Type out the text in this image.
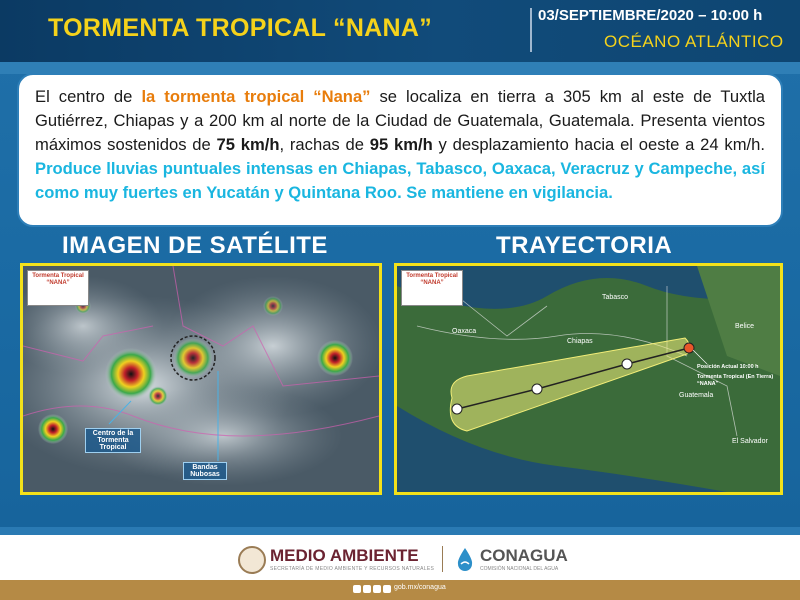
TORMENTA TROPICAL “NANA”	03/SEPTIEMBRE/2020 – 10:00 h
OCÉANO ATLÁNTICO
El centro de la tormenta tropical “Nana” se localiza en tierra a 305 km al este de Tuxtla Gutiérrez, Chiapas y a 200 km al norte de la Ciudad de Guatemala, Guatemala. Presenta vientos máximos sostenidos de 75 km/h, rachas de 95 km/h y desplazamiento hacia el oeste a 24 km/h. Produce lluvias puntuales intensas en Chiapas, Tabasco, Oaxaca, Veracruz y Campeche, así como muy fuertes en Yucatán y Quintana Roo. Se mantiene en vigilancia.
IMAGEN DE SATÉLITE	TRAYECTORIA
Tormenta Tropical “NANA”
Centro de la Tormenta Tropical
Bandas Nubosas
Tormenta Tropical “NANA”
Tabasco
Oaxaca
Chiapas
Belice
Guatemala
El Salvador
Posición Actual 10:00 h
Tormenta Tropical (En Tierra) “NANA”
MEDIO AMBIENTE
SECRETARÍA DE MEDIO AMBIENTE Y RECURSOS NATURALES
CONAGUA
COMISIÓN NACIONAL DEL AGUA
gob.mx/conagua
